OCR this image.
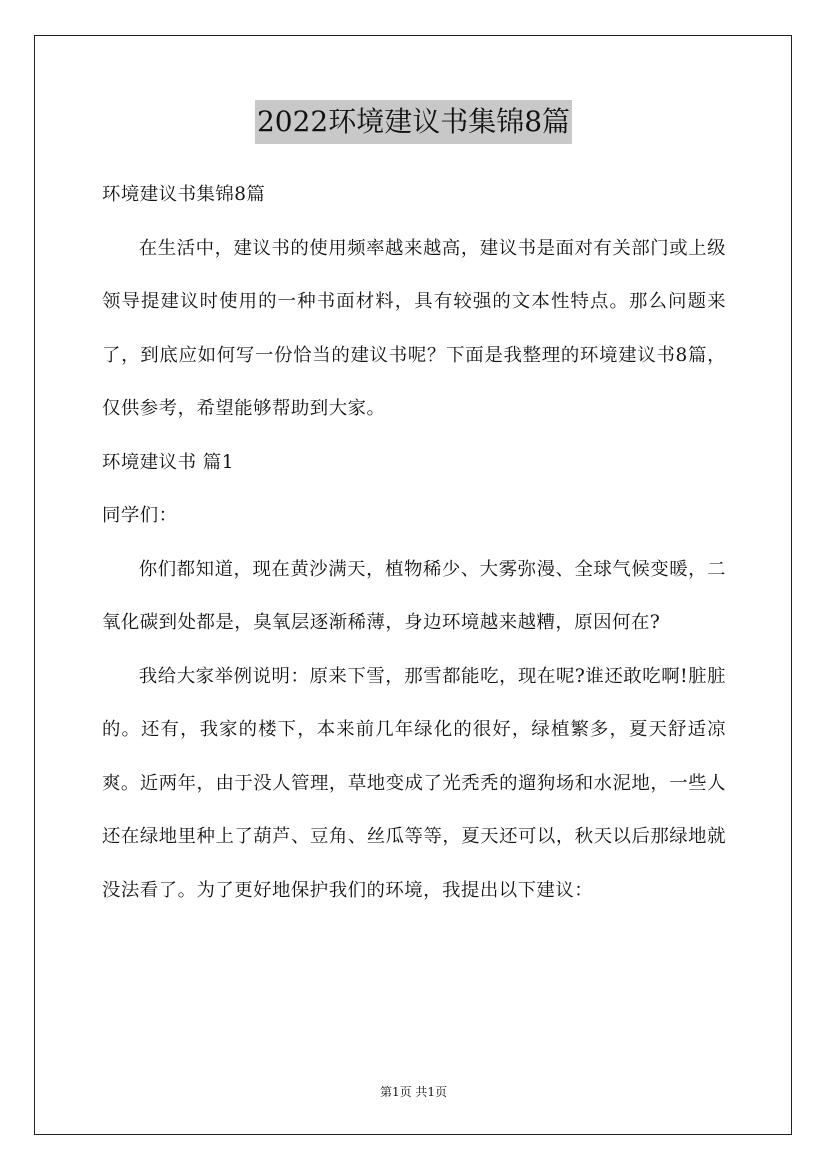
2022环境建议书集锦8篇

环境建议书集锦8篇

在生活中，建议书的使用频率越来越高，建议书是面对有关部门或上级领导提建议时使用的一种书面材料，具有较强的文本性特点。那么问题来了，到底应如何写一份恰当的建议书呢？下面是我整理的环境建议书8篇，仅供参考，希望能够帮助到大家。

环境建议书 篇1

同学们：

你们都知道，现在黄沙满天，植物稀少、大雾弥漫、全球气候变暖，二氧化碳到处都是，臭氧层逐渐稀薄，身边环境越来越糟，原因何在?

我给大家举例说明：原来下雪，那雪都能吃，现在呢?谁还敢吃啊!脏脏的。还有，我家的楼下，本来前几年绿化的很好，绿植繁多，夏天舒适凉爽。近两年，由于没人管理，草地变成了光秃秃的遛狗场和水泥地，一些人还在绿地里种上了葫芦、豆角、丝瓜等等，夏天还可以，秋天以后那绿地就没法看了。为了更好地保护我们的环境，我提出以下建议：

第1页 共1页
